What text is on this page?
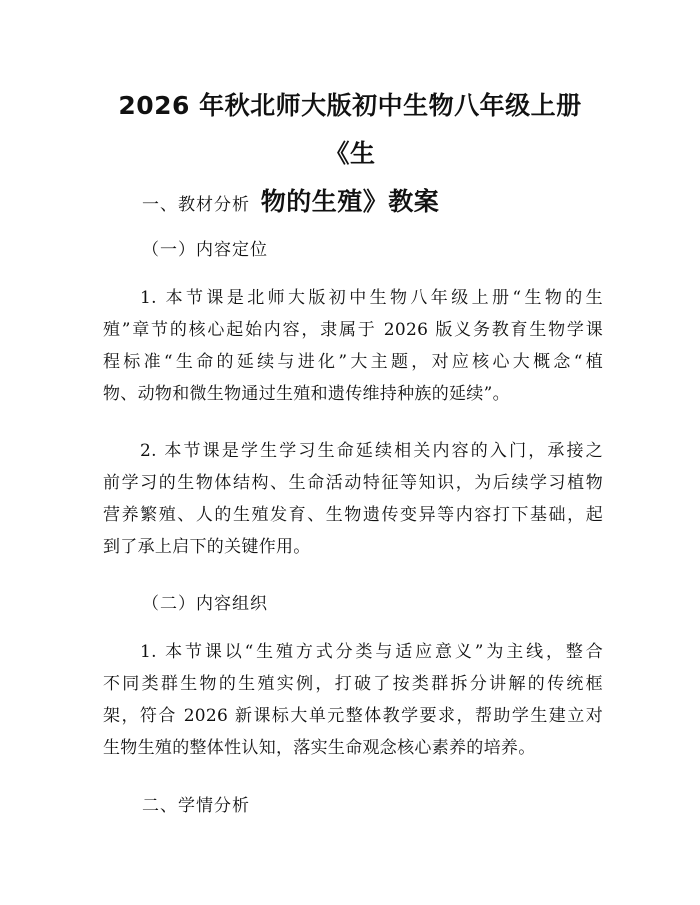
2026 年秋北师大版初中生物八年级上册《生
物的生殖》教案

一、教材分析

（一）内容定位

1. 本节课是北师大版初中生物八年级上册“生物的生
殖”章节的核心起始内容，隶属于 2026 版义务教育生物学课
程标准“生命的延续与进化”大主题，对应核心大概念“植
物、动物和微生物通过生殖和遗传维持种族的延续”。
2. 本节课是学生学习生命延续相关内容的入门，承接之
前学习的生物体结构、生命活动特征等知识，为后续学习植物
营养繁殖、人的生殖发育、生物遗传变异等内容打下基础，起
到了承上启下的关键作用。

（二）内容组织

1. 本节课以“生殖方式分类与适应意义”为主线，整合
不同类群生物的生殖实例，打破了按类群拆分讲解的传统框
架，符合 2026 新课标大单元整体教学要求，帮助学生建立对
生物生殖的整体性认知，落实生命观念核心素养的培养。

二、学情分析
